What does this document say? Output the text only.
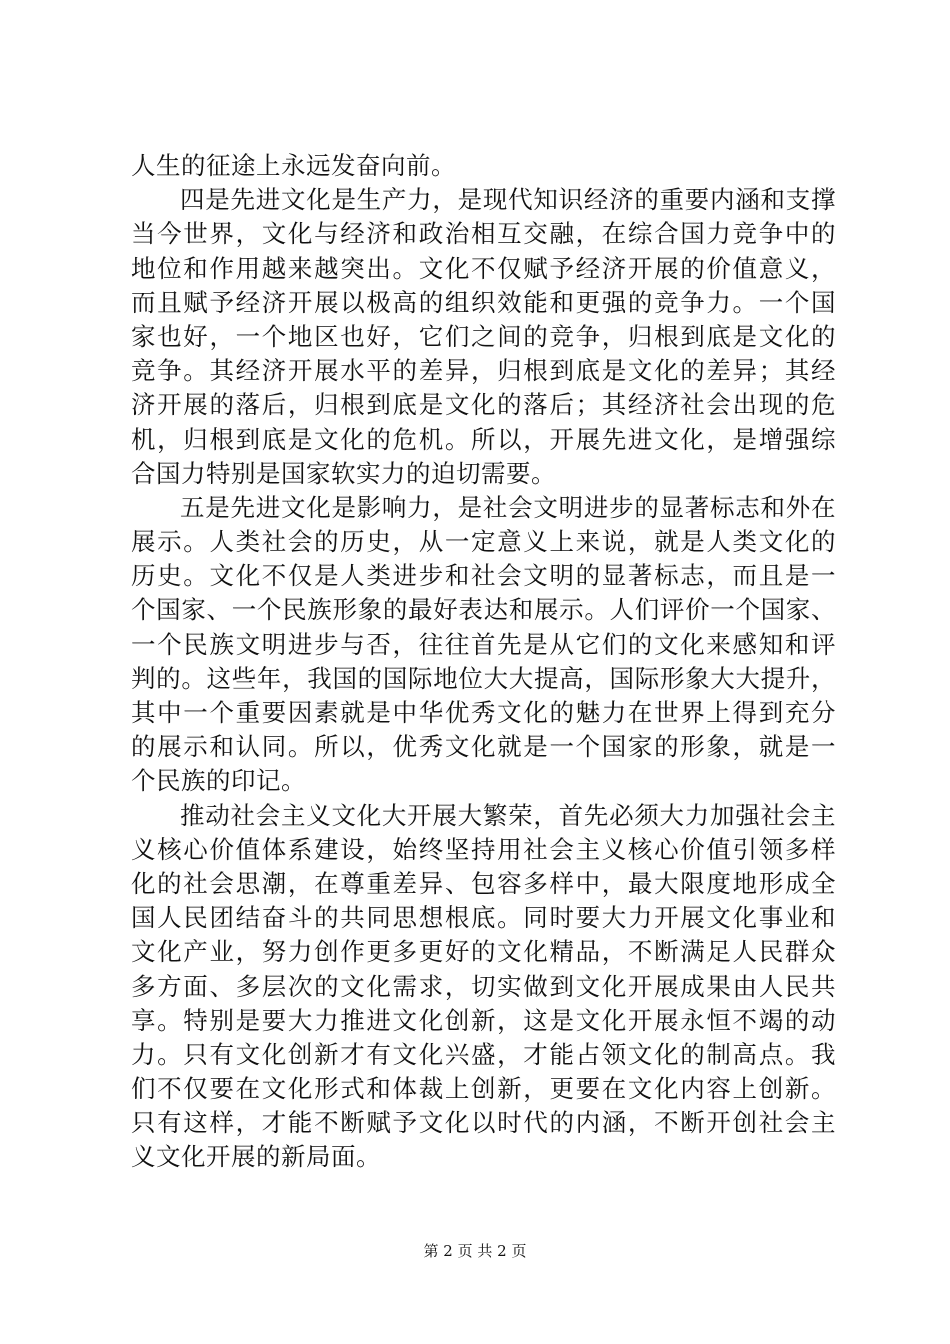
人生的征途上永远发奋向前。
四是先进文化是生产力，是现代知识经济的重要内涵和支撑
当今世界，文化与经济和政治相互交融，在综合国力竞争中的
地位和作用越来越突出。文化不仅赋予经济开展的价值意义，
而且赋予经济开展以极高的组织效能和更强的竞争力。一个国
家也好，一个地区也好，它们之间的竞争，归根到底是文化的
竞争。其经济开展水平的差异，归根到底是文化的差异；其经
济开展的落后，归根到底是文化的落后；其经济社会出现的危
机，归根到底是文化的危机。所以，开展先进文化，是增强综
合国力特别是国家软实力的迫切需要。
五是先进文化是影响力，是社会文明进步的显著标志和外在
展示。人类社会的历史，从一定意义上来说，就是人类文化的
历史。文化不仅是人类进步和社会文明的显著标志，而且是一
个国家、一个民族形象的最好表达和展示。人们评价一个国家、
一个民族文明进步与否，往往首先是从它们的文化来感知和评
判的。这些年，我国的国际地位大大提高，国际形象大大提升，
其中一个重要因素就是中华优秀文化的魅力在世界上得到充分
的展示和认同。所以，优秀文化就是一个国家的形象，就是一
个民族的印记。
推动社会主义文化大开展大繁荣，首先必须大力加强社会主
义核心价值体系建设，始终坚持用社会主义核心价值引领多样
化的社会思潮，在尊重差异、包容多样中，最大限度地形成全
国人民团结奋斗的共同思想根底。同时要大力开展文化事业和
文化产业，努力创作更多更好的文化精品，不断满足人民群众
多方面、多层次的文化需求，切实做到文化开展成果由人民共
享。特别是要大力推进文化创新，这是文化开展永恒不竭的动
力。只有文化创新才有文化兴盛，才能占领文化的制高点。我
们不仅要在文化形式和体裁上创新，更要在文化内容上创新。
只有这样，才能不断赋予文化以时代的内涵，不断开创社会主
义文化开展的新局面。
第 2 页 共 2 页
